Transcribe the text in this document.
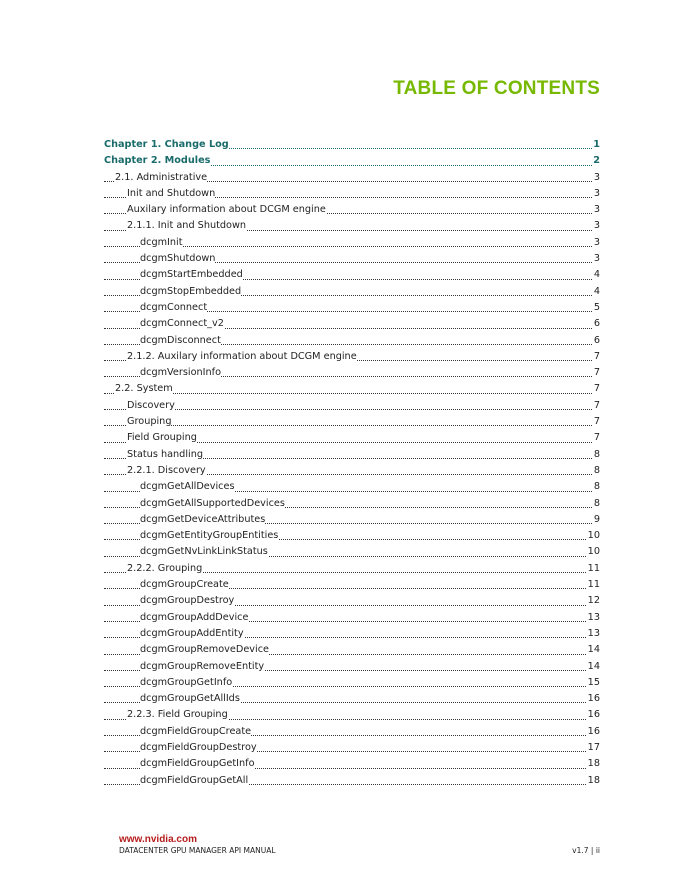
TABLE OF CONTENTS
Chapter 1. Change Log	1
Chapter 2. Modules	2
2.1. Administrative	3
Init and Shutdown	3
Auxilary information about DCGM engine	3
2.1.1. Init and Shutdown	3
dcgmInit	3
dcgmShutdown	3
dcgmStartEmbedded	4
dcgmStopEmbedded	4
dcgmConnect	5
dcgmConnect_v2	6
dcgmDisconnect	6
2.1.2. Auxilary information about DCGM engine	7
dcgmVersionInfo	7
2.2. System	7
Discovery	7
Grouping	7
Field Grouping	7
Status handling	8
2.2.1. Discovery	8
dcgmGetAllDevices	8
dcgmGetAllSupportedDevices	8
dcgmGetDeviceAttributes	9
dcgmGetEntityGroupEntities	10
dcgmGetNvLinkLinkStatus	10
2.2.2. Grouping	11
dcgmGroupCreate	11
dcgmGroupDestroy	12
dcgmGroupAddDevice	13
dcgmGroupAddEntity	13
dcgmGroupRemoveDevice	14
dcgmGroupRemoveEntity	14
dcgmGroupGetInfo	15
dcgmGroupGetAllIds	16
2.2.3. Field Grouping	16
dcgmFieldGroupCreate	16
dcgmFieldGroupDestroy	17
dcgmFieldGroupGetInfo	18
dcgmFieldGroupGetAll	18
www.nvidia.com
DATACENTER GPU MANAGER API MANUAL	v1.7 | ii
